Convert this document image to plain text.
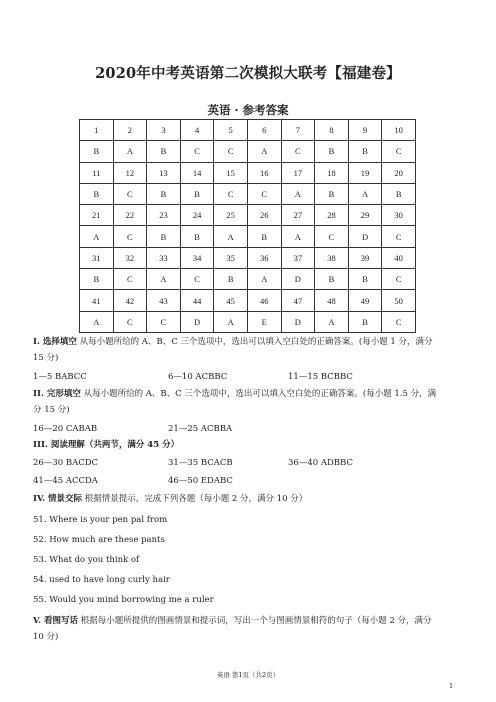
2020年中考英语第二次模拟大联考【福建卷】
英语 · 参考答案
1	2	3	4	5	6	7	8	9	10
B	A	B	C	C	A	C	B	B	C
11	12	13	14	15	16	17	18	19	20
B	C	B	B	C	C	A	B	A	B
21	22	23	24	25	26	27	28	29	30
A	C	B	B	A	B	A	C	D	C
31	32	33	34	35	36	37	38	39	40
B	C	A	C	B	A	D	B	B	C
41	42	43	44	45	46	47	48	49	50
A	C	C	D	A	E	D	A	B	C
I. 选择填空 从每小题所给的 A、B、C 三个选项中，选出可以填入空白处的正确答案。(每小题 1 分，满分
15 分)
1—5 BABCC	6—10 ACBBC	11—15 BCBBC
II. 完形填空 从每小题所给的 A、B、C 三个选项中，选出可以填入空白处的正确答案。(每小题 1.5 分，满
分 15 分)
16—20 CABAB	21—25 ACBBA
III. 阅读理解（共两节，满分 45 分）
26—30 BACDC	31—35 BCACB	36—40 ADBBC
41—45 ACCDA	46—50 EDABC
IV. 情景交际 根据情景提示，完成下列各题（每小题 2 分，满分 10 分）
51. Where is your pen pal from
52. How much are these pants
53. What do you think of
54. used to have long curly hair
55. Would you mind borrowing me a ruler
V. 看图写话 根据每小题所提供的图画情景和提示词，写出一个与图画情景相符的句子（每小题 2 分，满分
10 分)
英语 第1页（共2页）
1
